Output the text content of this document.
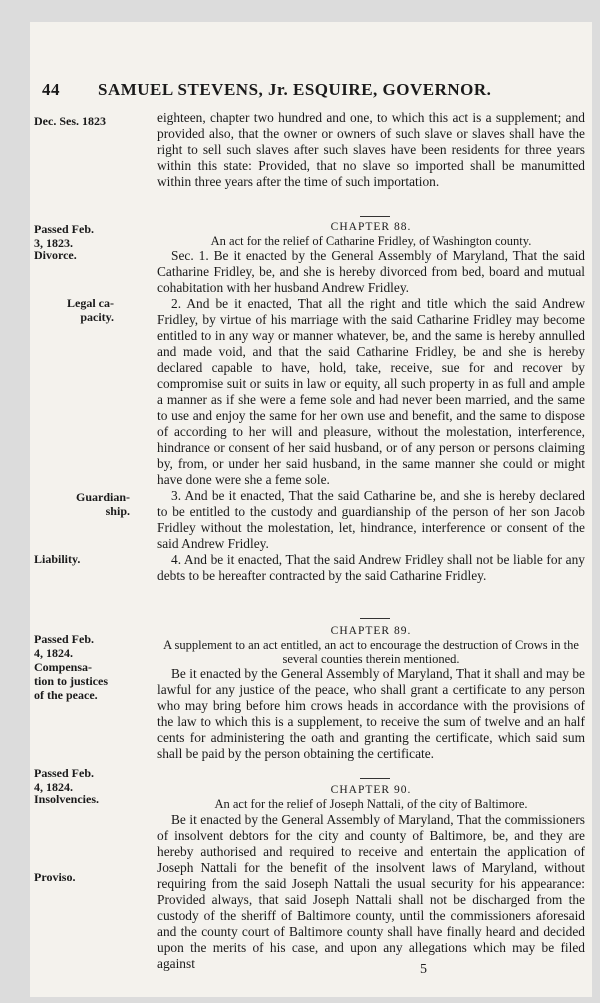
44 SAMUEL STEVENS, Jr. ESQUIRE, GOVERNOR.
Dec. Ses. 1823
Passed Feb.
3, 1823.
Divorce.
Legal ca-
pacity.
Guardian-
ship.
Liability.
Passed Feb.
4, 1824.
Compensa-
tion to justices
of the peace.
Passed Feb.
4, 1824.
Insolvencies.
Proviso.

eighteen, chapter two hundred and one, to which this act is a supplement; and provided also, that the owner or owners of such slave or slaves shall have the right to sell such slaves after such slaves have been residents for three years within this state: Provided, that no slave so imported shall be manumitted within three years after the time of such importation.

CHAPTER 88.
An act for the relief of Catharine Fridley, of Washington county.

Sec. 1. Be it enacted by the General Assembly of Maryland, That the said Catharine Fridley, be, and she is hereby divorced from bed, board and mutual cohabitation with her husband Andrew Fridley.

2. And be it enacted, That all the right and title which the said Andrew Fridley, by virtue of his marriage with the said Catharine Fridley may become entitled to in any way or manner whatever, be, and the same is hereby annulled and made void, and that the said Catharine Fridley, be and she is hereby declared capable to have, hold, take, receive, sue for and recover by compromise suit or suits in law or equity, all such property in as full and ample a manner as if she were a feme sole and had never been married, and the same to use and enjoy the same for her own use and benefit, and the same to dispose of according to her will and pleasure, without the molestation, interference, hindrance or consent of her said husband, or of any person or persons claiming by, from, or under her said husband, in the same manner she could or might have done were she a feme sole.

3. And be it enacted, That the said Catharine be, and she is hereby declared to be entitled to the custody and guardianship of the person of her son Jacob Fridley without the molestation, let, hindrance, interference or consent of the said Andrew Fridley.

4. And be it enacted, That the said Andrew Fridley shall not be liable for any debts to be hereafter contracted by the said Catharine Fridley.

CHAPTER 89.
A supplement to an act entitled, an act to encourage the destruction of Crows in the several counties therein mentioned.

Be it enacted by the General Assembly of Maryland, That it shall and may be lawful for any justice of the peace, who shall grant a certificate to any person who may bring before him crows heads in accordance with the provisions of the law to which this is a supplement, to receive the sum of twelve and an half cents for administering the oath and granting the certificate, which said sum shall be paid by the person obtaining the certificate.

CHAPTER 90.
An act for the relief of Joseph Nattali, of the city of Baltimore.

Be it enacted by the General Assembly of Maryland, That the commissioners of insolvent debtors for the city and county of Baltimore, be, and they are hereby authorised and required to receive and entertain the application of Joseph Nattali for the benefit of the insolvent laws of Maryland, without requiring from the said Joseph Nattali the usual security for his appearance: Provided always, that said Joseph Nattali shall not be discharged from the custody of the sheriff of Baltimore county, until the commissioners aforesaid and the county court of Baltimore county shall have finally heard and decided upon the merits of his case, and upon any allegations which may be filed against	5
